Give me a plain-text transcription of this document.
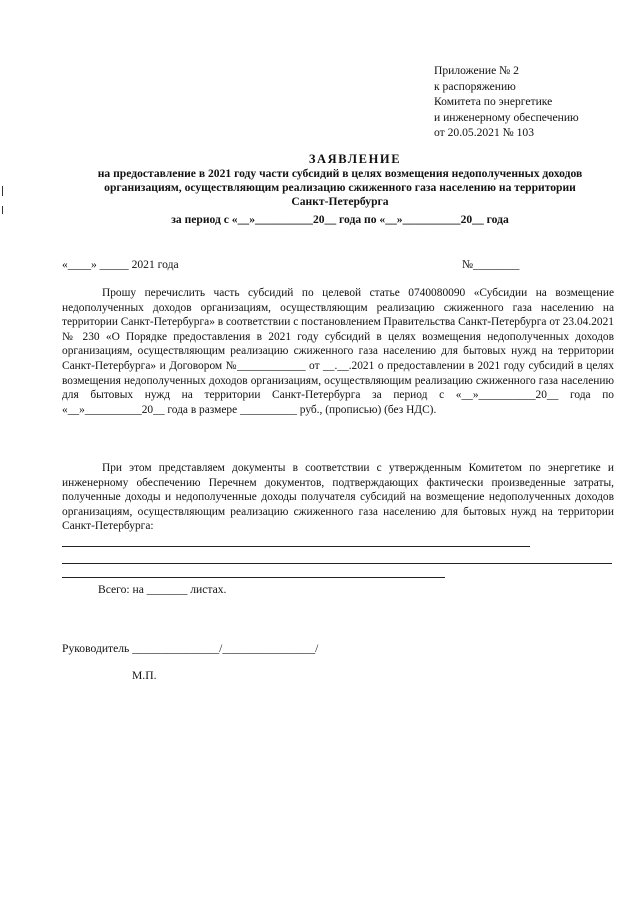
Приложение № 2
к распоряжению
Комитета по энергетике
и инженерному обеспечению
от 20.05.2021 № 103
ЗАЯВЛЕНИЕ
на предоставление в 2021 году части субсидий в целях возмещения недополученных доходов
организациям, осуществляющим реализацию сжиженного газа населению на территории
Санкт-Петербурга
за период с «__»__________20__ года по «__»__________20__ года
«____» _____ 2021 года	№________

Прошу перечислить часть субсидий по целевой статье 0740080090 «Субсидии на возмещение недополученных доходов организациям, осуществляющим реализацию сжиженного газа населению на территории Санкт-Петербурга» в соответствии с постановлением Правительства Санкт-Петербурга от 23.04.2021 № 230 «О Порядке предоставления в 2021 году субсидий в целях возмещения недополученных доходов организациям, осуществляющим реализацию сжиженного газа населению для бытовых нужд на территории Санкт-Петербурга» и Договором №____________ от __.__.2021 о предоставлении в 2021 году субсидий в целях возмещения недополученных доходов организациям, осуществляющим реализацию сжиженного газа населению для бытовых нужд на территории Санкт-Петербурга за период с «__»__________20__ года по «__»__________20__ года в размере __________ руб., (прописью) (без НДС).

При этом представляем документы в соответствии с утвержденным Комитетом по энергетике и инженерному обеспечению Перечнем документов, подтверждающих фактически произведенные затраты, полученные доходы и недополученные доходы получателя субсидий на возмещение недополученных доходов организациям, осуществляющим реализацию сжиженного газа населению для бытовых нужд на территории Санкт-Петербурга:

Всего: на _______ листах.
Руководитель _______________/________________/
М.П.
